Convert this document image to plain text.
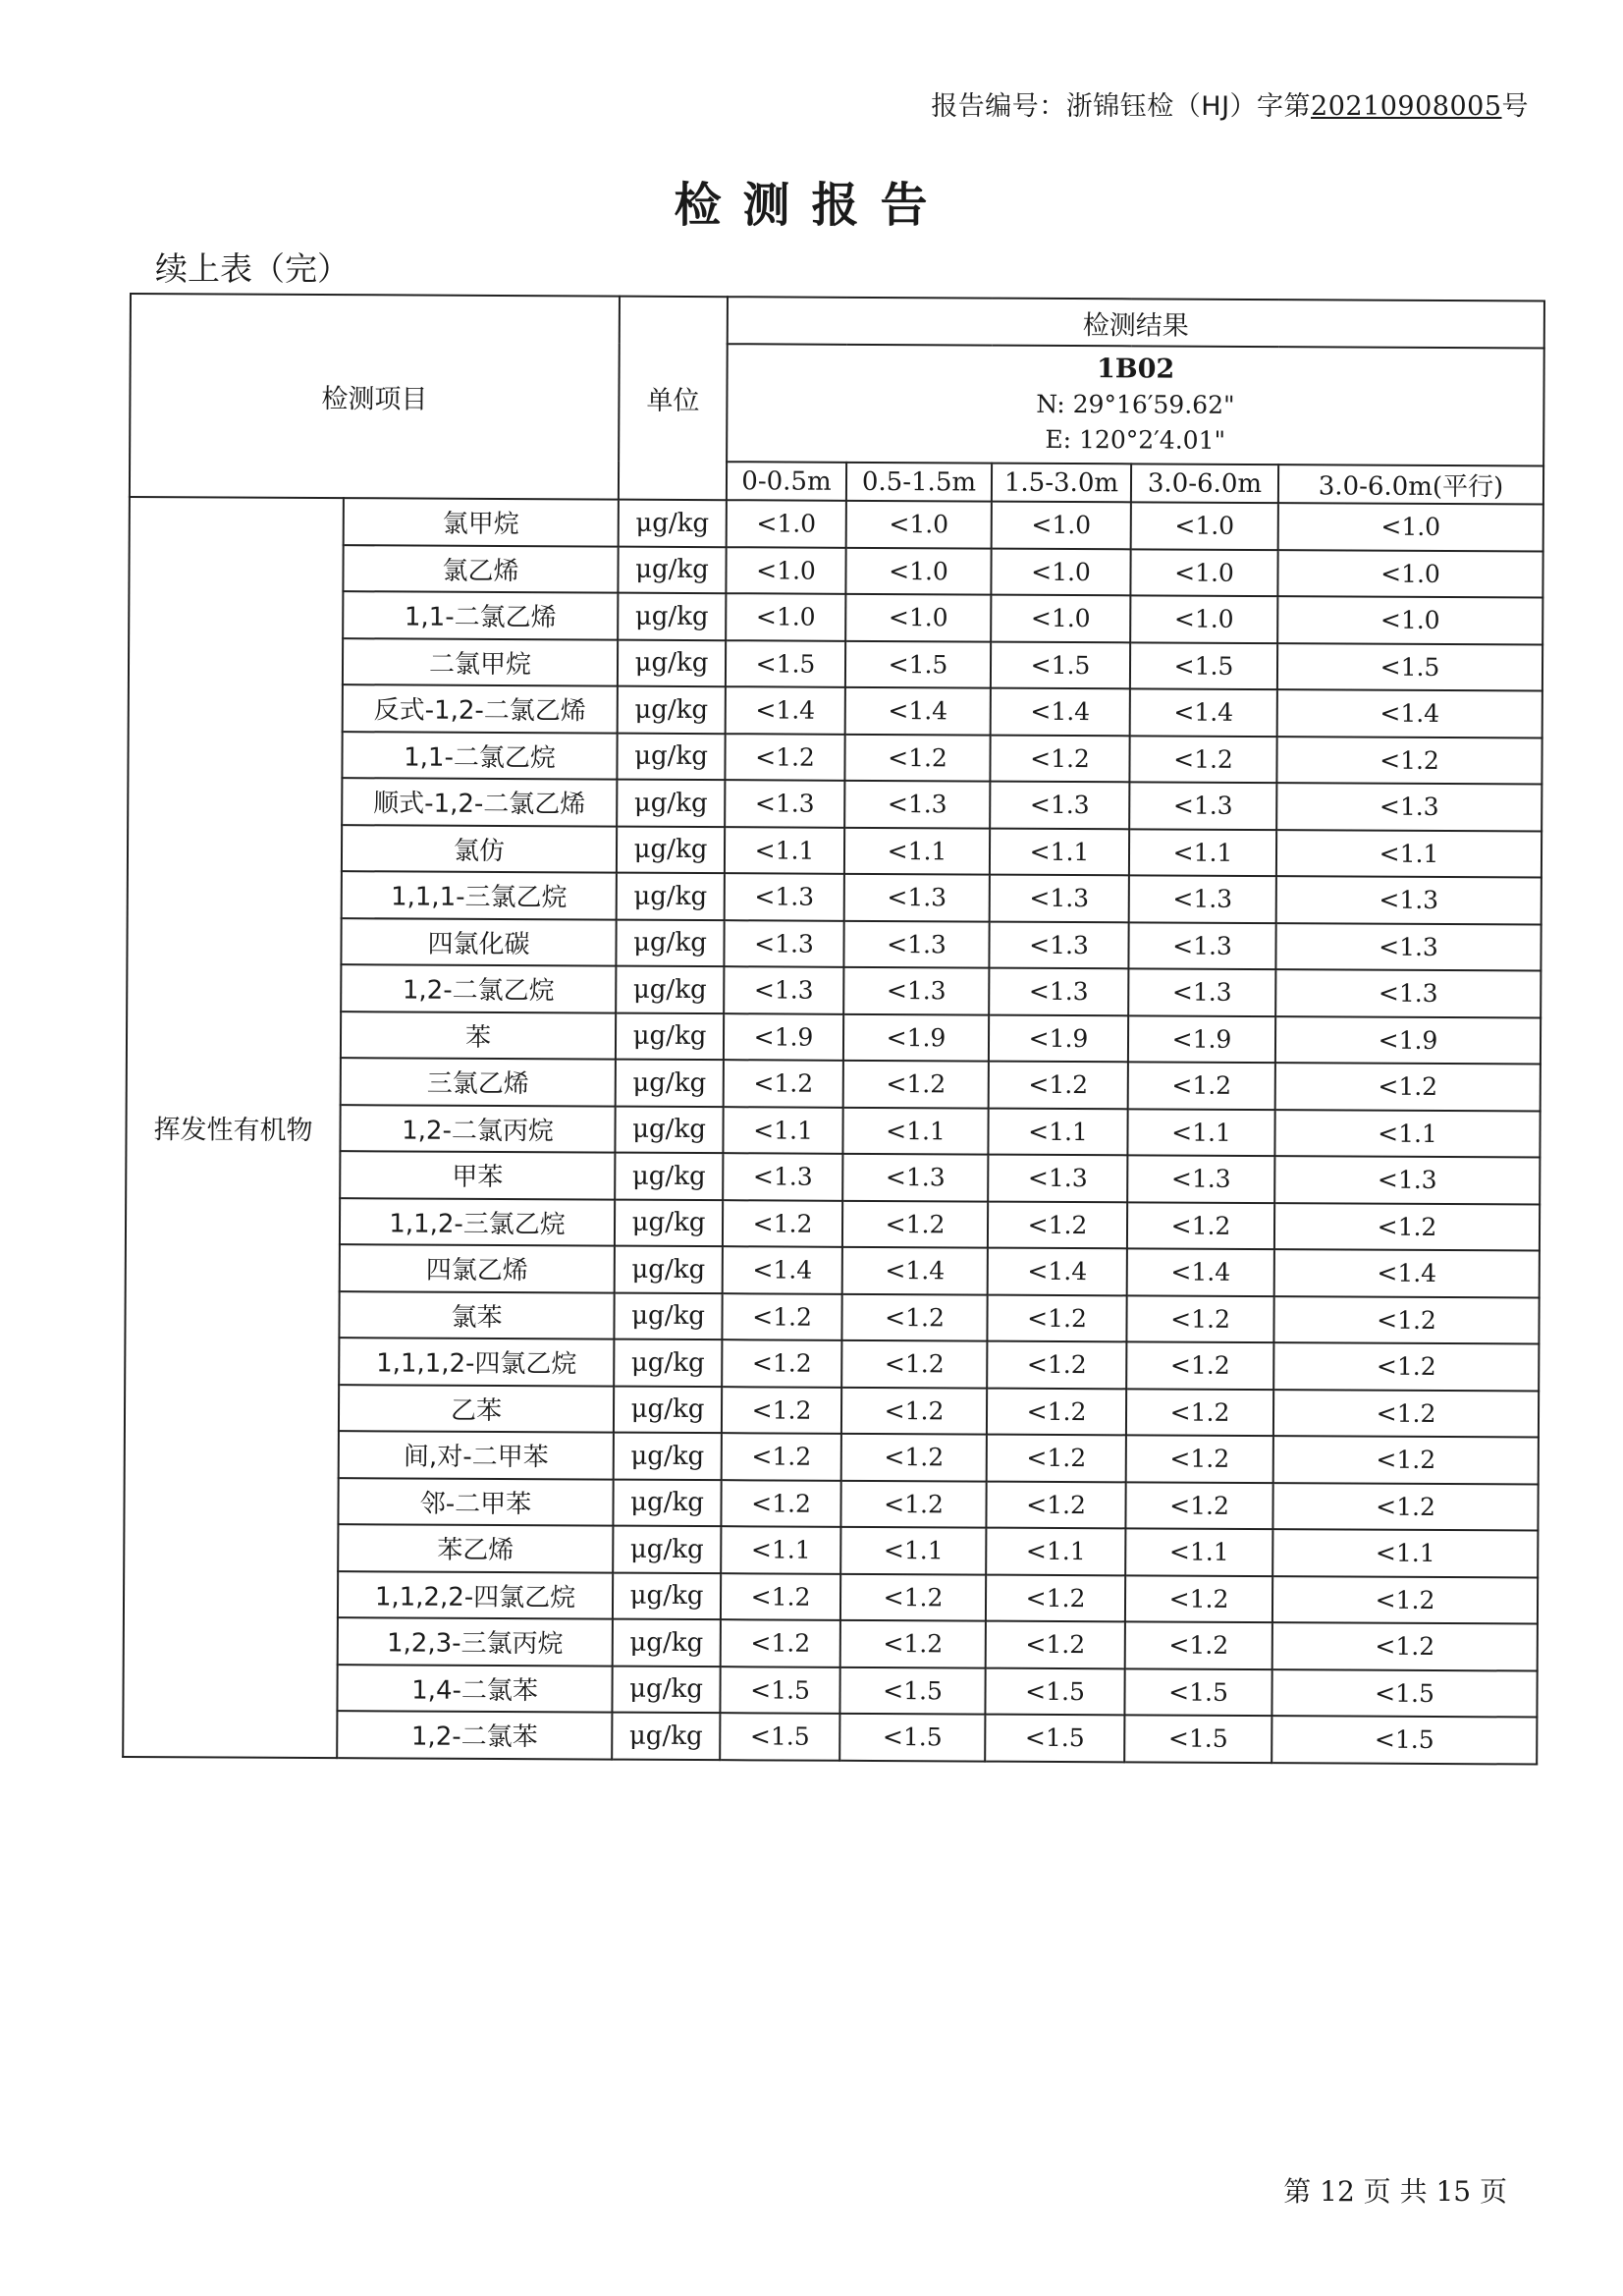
报告编号：浙锦钰检（HJ）字第20210908005号
检测报告
续上表（完）
检测项目		单位	检测结果				

			1B02
N: 29°16′59.62"
E: 120°2′4.01"				

			0-0.5m	0.5-1.5m	1.5-3.0m	3.0-6.0m	3.0-6.0m(平行)
挥发性有机物	氯甲烷	μg/kg	<1.0	<1.0	<1.0	<1.0	<1.0
	氯乙烯	μg/kg	<1.0	<1.0	<1.0	<1.0	<1.0
	1,1-二氯乙烯	μg/kg	<1.0	<1.0	<1.0	<1.0	<1.0
	二氯甲烷	μg/kg	<1.5	<1.5	<1.5	<1.5	<1.5
	反式-1,2-二氯乙烯	μg/kg	<1.4	<1.4	<1.4	<1.4	<1.4
	1,1-二氯乙烷	μg/kg	<1.2	<1.2	<1.2	<1.2	<1.2
	顺式-1,2-二氯乙烯	μg/kg	<1.3	<1.3	<1.3	<1.3	<1.3
	氯仿	μg/kg	<1.1	<1.1	<1.1	<1.1	<1.1
	1,1,1-三氯乙烷	μg/kg	<1.3	<1.3	<1.3	<1.3	<1.3
	四氯化碳	μg/kg	<1.3	<1.3	<1.3	<1.3	<1.3
	1,2-二氯乙烷	μg/kg	<1.3	<1.3	<1.3	<1.3	<1.3
	苯	μg/kg	<1.9	<1.9	<1.9	<1.9	<1.9
	三氯乙烯	μg/kg	<1.2	<1.2	<1.2	<1.2	<1.2
	1,2-二氯丙烷	μg/kg	<1.1	<1.1	<1.1	<1.1	<1.1
	甲苯	μg/kg	<1.3	<1.3	<1.3	<1.3	<1.3
	1,1,2-三氯乙烷	μg/kg	<1.2	<1.2	<1.2	<1.2	<1.2
	四氯乙烯	μg/kg	<1.4	<1.4	<1.4	<1.4	<1.4
	氯苯	μg/kg	<1.2	<1.2	<1.2	<1.2	<1.2
	1,1,1,2-四氯乙烷	μg/kg	<1.2	<1.2	<1.2	<1.2	<1.2
	乙苯	μg/kg	<1.2	<1.2	<1.2	<1.2	<1.2
	间,对-二甲苯	μg/kg	<1.2	<1.2	<1.2	<1.2	<1.2
	邻-二甲苯	μg/kg	<1.2	<1.2	<1.2	<1.2	<1.2
	苯乙烯	μg/kg	<1.1	<1.1	<1.1	<1.1	<1.1
	1,1,2,2-四氯乙烷	μg/kg	<1.2	<1.2	<1.2	<1.2	<1.2
	1,2,3-三氯丙烷	μg/kg	<1.2	<1.2	<1.2	<1.2	<1.2
	1,4-二氯苯	μg/kg	<1.5	<1.5	<1.5	<1.5	<1.5
	1,2-二氯苯	μg/kg	<1.5	<1.5	<1.5	<1.5	<1.5
第 12 页 共 15 页
